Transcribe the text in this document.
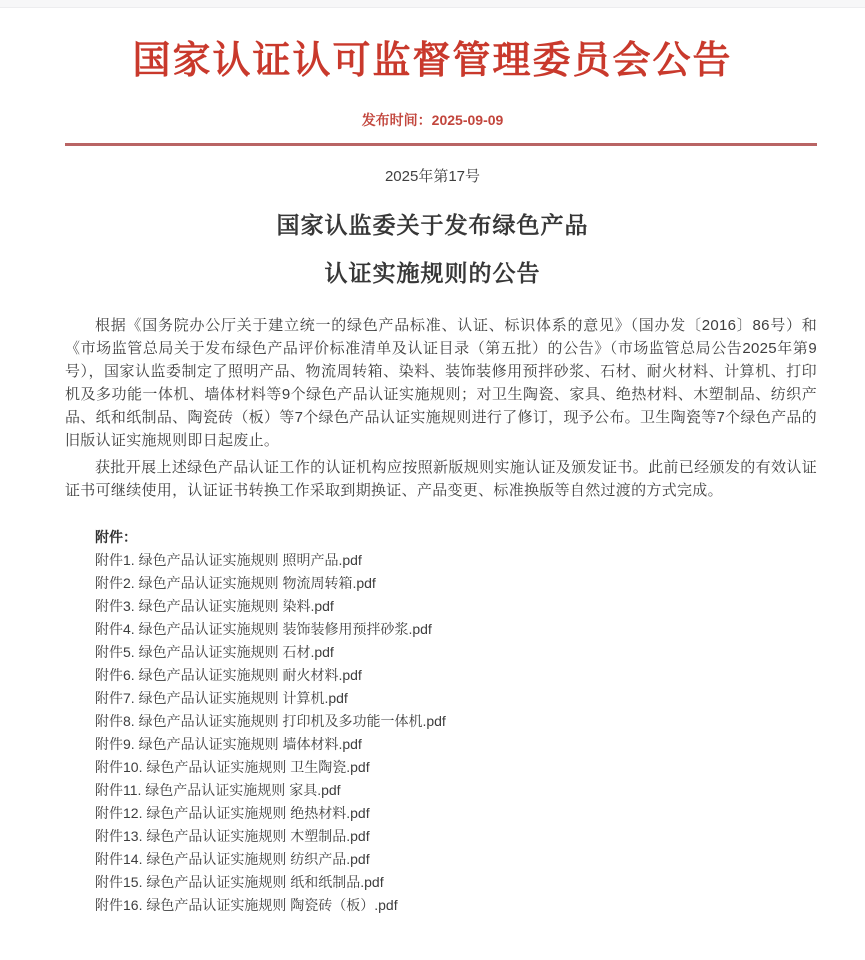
国家认证认可监督管理委员会公告
发布时间：2025-09-09
2025年第17号
国家认监委关于发布绿色产品
认证实施规则的公告

根据《国务院办公厅关于建立统一的绿色产品标准、认证、标识体系的意见》（国办发〔2016〕86号）和《市场监管总局关于发布绿色产品评价标准清单及认证目录（第五批）的公告》（市场监管总局公告2025年第9号），国家认监委制定了照明产品、物流周转箱、染料、装饰装修用预拌砂浆、石材、耐火材料、计算机、打印机及多功能一体机、墙体材料等9个绿色产品认证实施规则；对卫生陶瓷、家具、绝热材料、木塑制品、纺织产品、纸和纸制品、陶瓷砖（板）等7个绿色产品认证实施规则进行了修订，现予公布。卫生陶瓷等7个绿色产品的旧版认证实施规则即日起废止。

获批开展上述绿色产品认证工作的认证机构应按照新版规则实施认证及颁发证书。此前已经颁发的有效认证证书可继续使用，认证证书转换工作采取到期换证、产品变更、标准换版等自然过渡的方式完成。

附件：
附件1. 绿色产品认证实施规则 照明产品.pdf
附件2. 绿色产品认证实施规则 物流周转箱.pdf
附件3. 绿色产品认证实施规则 染料.pdf
附件4. 绿色产品认证实施规则 装饰装修用预拌砂浆.pdf
附件5. 绿色产品认证实施规则 石材.pdf
附件6. 绿色产品认证实施规则 耐火材料.pdf
附件7. 绿色产品认证实施规则 计算机.pdf
附件8. 绿色产品认证实施规则 打印机及多功能一体机.pdf
附件9. 绿色产品认证实施规则 墙体材料.pdf
附件10. 绿色产品认证实施规则 卫生陶瓷.pdf
附件11. 绿色产品认证实施规则 家具.pdf
附件12. 绿色产品认证实施规则 绝热材料.pdf
附件13. 绿色产品认证实施规则 木塑制品.pdf
附件14. 绿色产品认证实施规则 纺织产品.pdf
附件15. 绿色产品认证实施规则 纸和纸制品.pdf
附件16. 绿色产品认证实施规则 陶瓷砖（板）.pdf
